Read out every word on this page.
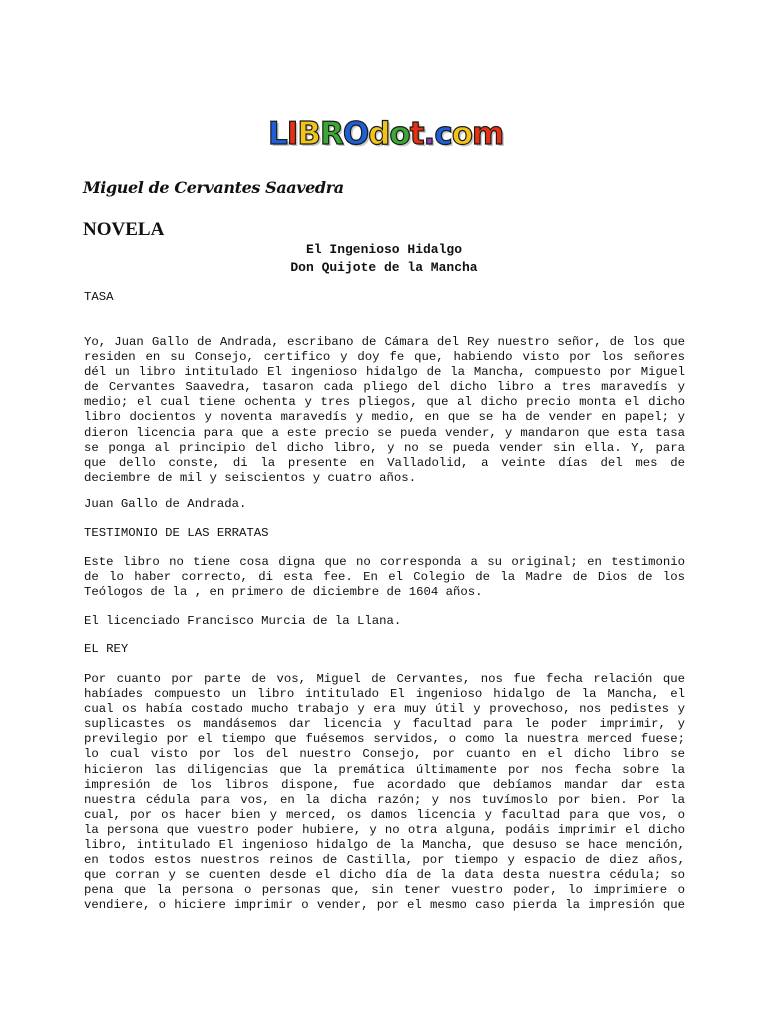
LIBROdot.com
Miguel de Cervantes Saavedra
NOVELA
El Ingenioso Hidalgo
Don Quijote de la Mancha
TASA
Yo, Juan Gallo de Andrada, escribano de Cámara del Rey nuestro señor, de los que
residen en su Consejo, certifico y doy fe que, habiendo visto por los señores
dél un libro intitulado El ingenioso hidalgo de la Mancha, compuesto por Miguel
de Cervantes Saavedra, tasaron cada pliego del dicho libro a tres maravedís y
medio; el cual tiene ochenta y tres pliegos, que al dicho precio monta el dicho
libro docientos y noventa maravedís y medio, en que se ha de vender en papel; y
dieron licencia para que a este precio se pueda vender, y mandaron que esta tasa
se ponga al principio del dicho libro, y no se pueda vender sin ella. Y, para
que dello conste, di la presente en Valladolid, a veinte días del mes de
deciembre de mil y seiscientos y cuatro años.
Juan Gallo de Andrada.
TESTIMONIO DE LAS ERRATAS
Este libro no tiene cosa digna que no corresponda a su original; en testimonio
de lo haber correcto, di esta fee. En el Colegio de la Madre de Dios de los
Teólogos de la , en primero de diciembre de 1604 años.
El licenciado Francisco Murcia de la Llana.
EL REY
Por cuanto por parte de vos, Miguel de Cervantes, nos fue fecha relación que
habíades compuesto un libro intitulado El ingenioso hidalgo de la Mancha, el
cual os había costado mucho trabajo y era muy útil y provechoso, nos pedistes y
suplicastes os mandásemos dar licencia y facultad para le poder imprimir, y
previlegio por el tiempo que fuésemos servidos, o como la nuestra merced fuese;
lo cual visto por los del nuestro Consejo, por cuanto en el dicho libro se
hicieron las diligencias que la premática últimamente por nos fecha sobre la
impresión de los libros dispone, fue acordado que debíamos mandar dar esta
nuestra cédula para vos, en la dicha razón; y nos tuvímoslo por bien. Por la
cual, por os hacer bien y merced, os damos licencia y facultad para que vos, o
la persona que vuestro poder hubiere, y no otra alguna, podáis imprimir el dicho
libro, intitulado El ingenioso hidalgo de la Mancha, que desuso se hace mención,
en todos estos nuestros reinos de Castilla, por tiempo y espacio de diez años,
que corran y se cuenten desde el dicho día de la data desta nuestra cédula; so
pena que la persona o personas que, sin tener vuestro poder, lo imprimiere o
vendiere, o hiciere imprimir o vender, por el mesmo caso pierda la impresión que
